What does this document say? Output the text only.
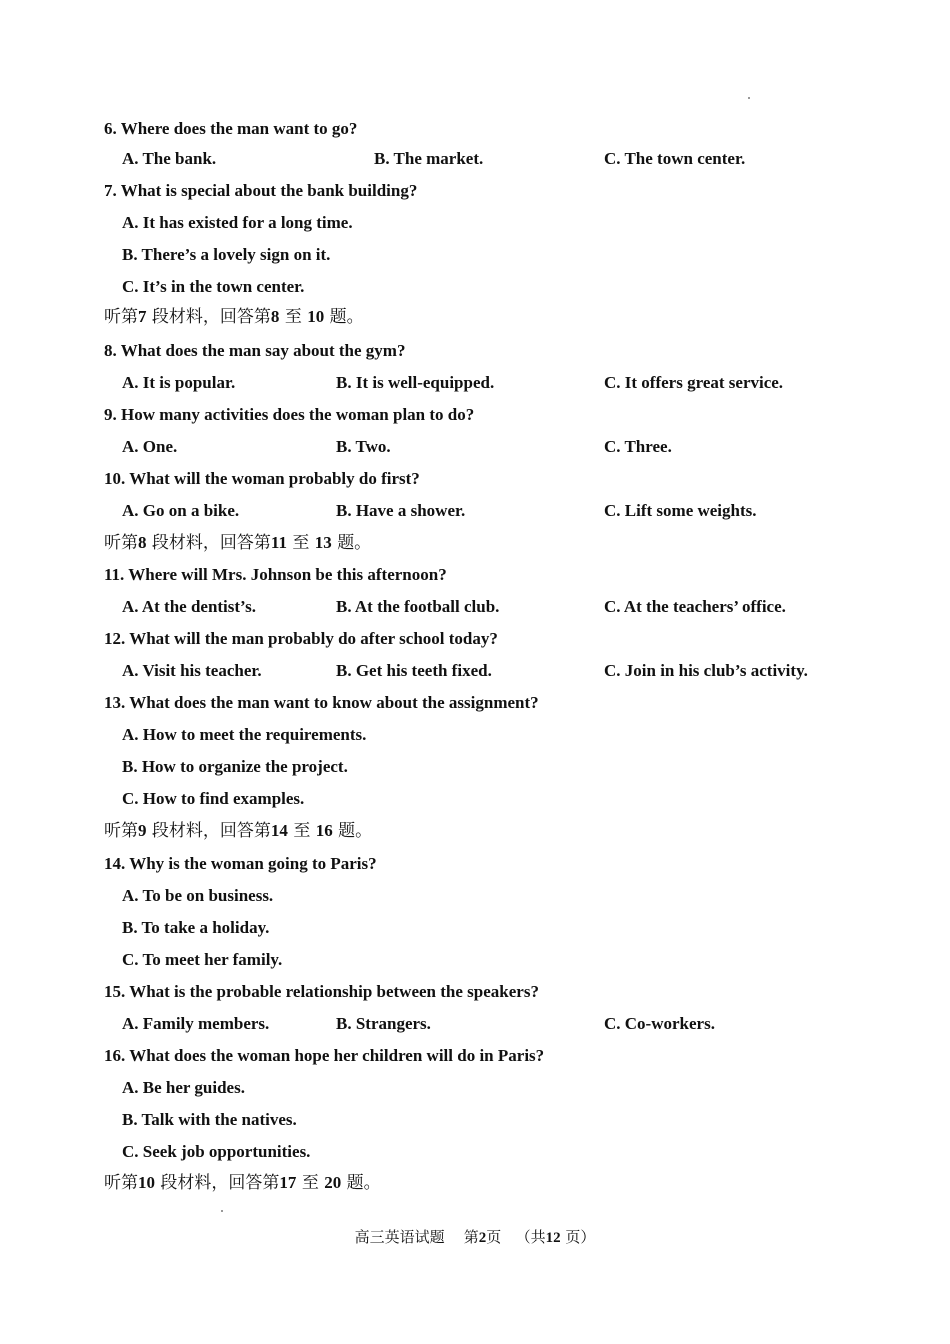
6. Where does the man want to go?
A. The bank.	B. The market.	C. The town center.
7. What is special about the bank building?
A. It has existed for a long time.
B. There’s a lovely sign on it.
C. It’s in the town center.
听第7 段材料，回答第8 至 10 题。
8. What does the man say about the gym?
A. It is popular.	B. It is well-equipped.	C. It offers great service.
9. How many activities does the woman plan to do?
A. One.	B. Two.	C. Three.
10. What will the woman probably do first?
A. Go on a bike.	B. Have a shower.	C. Lift some weights.
听第8 段材料，回答第11 至 13 题。
11. Where will Mrs. Johnson be this afternoon?
A. At the dentist’s.	B. At the football club.	C. At the teachers’ office.
12. What will the man probably do after school today?
A. Visit his teacher.	B. Get his teeth fixed.	C. Join in his club’s activity.
13. What does the man want to know about the assignment?
A. How to meet the requirements.
B. How to organize the project.
C. How to find examples.
听第9 段材料，回答第14 至 16 题。
14. Why is the woman going to Paris?
A. To be on business.
B. To take a holiday.
C. To meet her family.
15. What is the probable relationship between the speakers?
A. Family members.	B. Strangers.	C. Co-workers.
16. What does the woman hope her children will do in Paris?
A. Be her guides.
B. Talk with the natives.
C. Seek job opportunities.
听第10 段材料，回答第17 至 20 题。
高三英语试题 第2页 （共12 页）
